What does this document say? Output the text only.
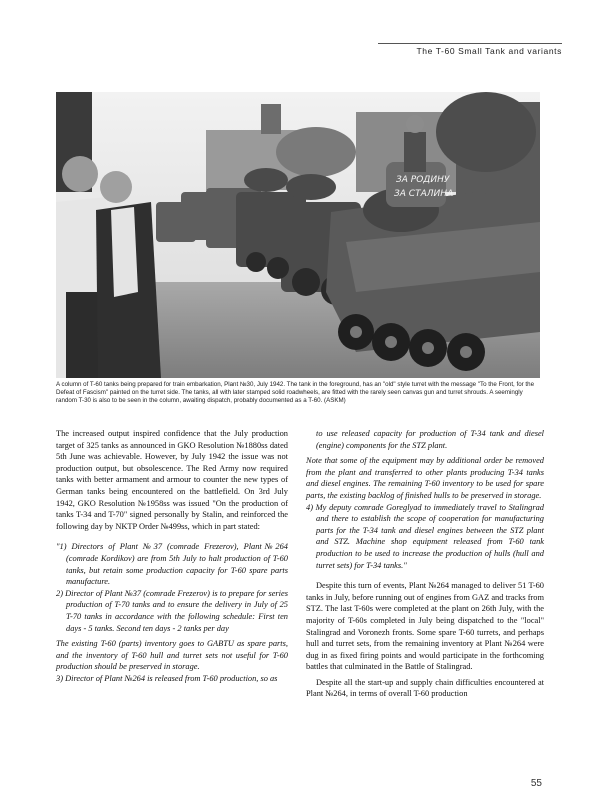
The T-60 Small Tank and variants
ЗА РОДИНУ
ЗА СТАЛИНА
A column of T-60 tanks being prepared for train embarkation, Plant №30, July 1942. The tank in the foreground, has an "old" style turret with the message "To the Front, for the Defeat of Fascism" painted on the turret side. The tanks, all with later stamped solid roadwheels, are fitted with the rarely seen canvas gun and turret shrouds. A seemingly random T-30 is also to be seen in the column, awaiting dispatch, probably documented as a T-60. (ASKM)

The increased output inspired confidence that the July production target of 325 tanks as announced in GKO Resolution №1880ss dated 5th June was achievable. However, by July 1942 the issue was not production output, but obsolescence. The Red Army now required tanks with better armament and armour to counter the new types of German tanks being encountered on the battlefield. On 3rd July 1942, GKO Resolution №1958ss was issued "On the production of tanks T-34 and T-70" signed personally by Stalin, and reinforced the following day by NKTP Order №499ss, which in part stated:

"1) Directors of Plant №37 (comrade Frezerov), Plant№264 (comrade Kordikov) are from 5th July to halt production of T-60 tanks, but retain some production capacity for T-60 spare parts manufacture.

2) Director of Plant №37 (comrade Frezerov) is to prepare for series production of T-70 tanks and to ensure the delivery in July of 25 T-70 tanks in accordance with the following schedule: First ten days - 5 tanks. Second ten days - 2 tanks per day

The existing T-60 (parts) inventory goes to GABTU as spare parts, and the inventory of T-60 hull and turret sets not useful for T-60 production should be preserved in storage.

3) Director of Plant №264 is released from T-60 production, so as

to use released capacity for production of T-34 tank and diesel (engine) components for the STZ plant.

Note that some of the equipment may by additional order be removed from the plant and transferred to other plants producing T-34 tanks and diesel engines. The remaining T-60 inventory to be used for spare parts, the existing backlog of finished hulls to be preserved in storage.

4) My deputy comrade Goreglyad to immediately travel to Stalingrad and there to establish the scope of cooperation for manufacturing parts for the T-34 tank and diesel engines between the STZ plant and STZ. Machine shop equipment released from T-60 tank production to be used to increase the production of hulls (hull and turret sets) for T-34 tanks."

Despite this turn of events, Plant №264 managed to deliver 51 T-60 tanks in July, before running out of engines from GAZ and tracks from STZ. The last T-60s were completed at the plant on 26th July, with the majority of T-60s completed in July being dispatched to the "local" Stalingrad and Voronezh fronts. Some spare T-60 turrets, and perhaps hull and turret sets, from the remaining inventory at Plant №264 were dug in as fixed firing points and would participate in the forthcoming battles that culminated in the Battle of Stalingrad.

Despite all the start-up and supply chain difficulties encountered at Plant №264, in terms of overall T-60 production

55
